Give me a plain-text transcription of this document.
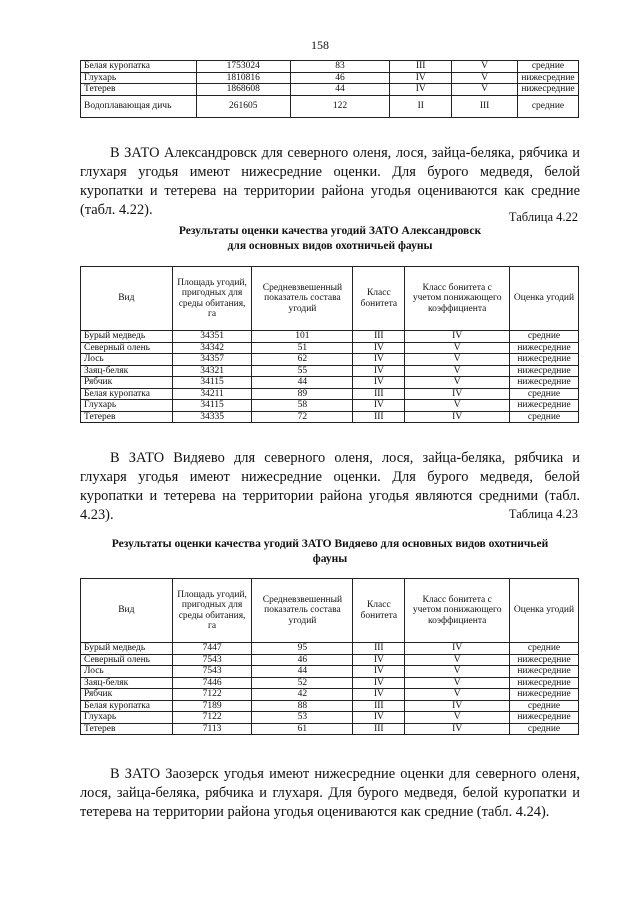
158
Белая куропатка	1753024	83	III	V	средние
Глухарь	1810816	46	IV	V	нижесредние
Тетерев	1868608	44	IV	V	нижесредние
Водоплавающая дичь	261605	122	II	III	средние

В ЗАТО Александровск для северного оленя, лося, зайца-беляка, рябчика и глухаря угодья имеют нижесредние оценки. Для бурого медведя, белой куропатки и тетерева на территории района угодья оцениваются как средние (табл. 4.22).	Таблица 4.22
Результаты оценки качества угодий ЗАТО Александровск
для основных видов охотничьей фауны
Вид	Площадь угодий, пригодных для среды обитания, га	Средневзвешенный показатель состава угодий	Класс бонитета	Класс бонитета с учетом понижающего коэффициента	Оценка угодий
Бурый медведь	34351	101	III	IV	средние
Северный олень	34342	51	IV	V	нижесредние
Лось	34357	62	IV	V	нижесредние
Заяц-беляк	34321	55	IV	V	нижесредние
Рябчик	34115	44	IV	V	нижесредние
Белая куропатка	34211	89	III	IV	средние
Глухарь	34115	58	IV	V	нижесредние
Тетерев	34335	72	III	IV	средние

В ЗАТО Видяево для северного оленя, лося, зайца-беляка, рябчика и глухаря угодья имеют нижесредние оценки. Для бурого медведя, белой куропатки и тетерева на территории района угодья являются средними (табл. 4.23).	Таблица 4.23
Результаты оценки качества угодий ЗАТО Видяево для основных видов охотничьей
фауны
Вид	Площадь угодий, пригодных для среды обитания, га	Средневзвешенный показатель состава угодий	Класс бонитета	Класс бонитета с учетом понижающего коэффициента	Оценка угодий
Бурый медведь	7447	95	III	IV	средние
Северный олень	7543	46	IV	V	нижесредние
Лось	7543	44	IV	V	нижесредние
Заяц-беляк	7446	52	IV	V	нижесредние
Рябчик	7122	42	IV	V	нижесредние
Белая куропатка	7189	88	III	IV	средние
Глухарь	7122	53	IV	V	нижесредние
Тетерев	7113	61	III	IV	средние

В ЗАТО Заозерск угодья имеют нижесредние оценки для северного оленя, лося, зайца-беляка, рябчика и глухаря. Для бурого медведя, белой куропатки и тетерева на территории района угодья оцениваются как средние (табл. 4.24).
